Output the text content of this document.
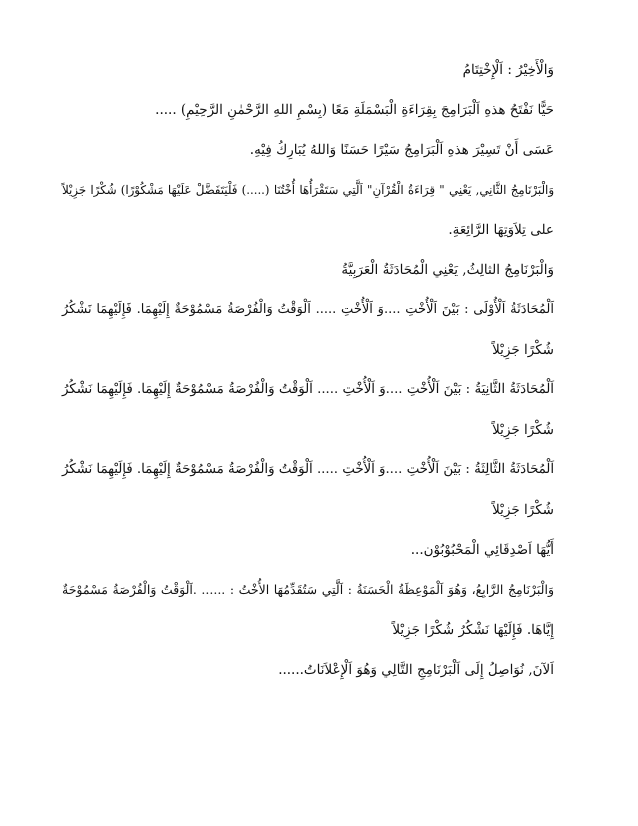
وَالْأَخِيْرُ : اَلْإِخْتِتَامُ
حَيًّا نَفْتَحُ هذهِ اَلْبَرَامِجَ بِقِرَاءَةِ الْبَسْمَلَةِ مَعًا (بِسْمِ اللهِ الرَّحْمٰنِ الرَّحِيْمِ) .....
عَسَى أَنْ تَسِيْرَ هذهِ اَلْبَرَامِجُ سَيْرًا حَسَنًا وَاللهُ يُبَارِكُ فِيْهِ.
وَالْبَرْنَامِجُ الثَّانِي, يَعْنِي " قِرَاءَةُ الْقُرْآنِ" اَلَّتِي سَتَقْرَأُهَا أُخْتُنَا (.....) فَلْيَتَفَضَّلْ عَلَيْهَا مَشْكُوْرًا) شُكْرًا جَزِيْلاً
على تِلاَوَتِهَا الرَّائِعَةِ.
وَالْبَرْنَامِجُ الثالِثُ, يَعْنِي الْمُحَادَثَةُ الْعَرَبِيَّةُ
اَلْمُحَادَثَةُ اَلْأُوْلَى : بَيْنَ اَلْأُخْتِ ....وَ اَلْأُخْتِ ..... اَلْوَقْتُ وَالْفُرْصَةُ مَسْمُوْحَةٌ إِلَيْهِمَا. فَإِلَيْهِمَا نَشْكُرُ
شُكْرًا جَزِيْلاً
اَلْمُحَادَثَةُ الثَّانِيَةُ : بَيْنَ اَلْأُخْتِ ....وَ اَلْأُخْتِ ..... اَلْوَقْتُ وَالْفُرْصَةُ مَسْمُوْحَةٌ إِلَيْهِمَا. فَإِلَيْهِمَا نَشْكُرُ
شُكْرًا جَزِيْلاً
اَلْمُحَادَثَةُ الثَّالِثَةُ : بَيْنَ اَلْأُخْتِ ....وَ اَلْأُخْتِ ..... اَلْوَقْتُ وَالْفُرْصَةُ مَسْمُوْحَةٌ إِلَيْهِمَا. فَإِلَيْهِمَا نَشْكُرُ
شُكْرًا جَزِيْلاً
أَيُّهَا اَصْدِقَائِي الْمَحْبُوْبُوْن...
وَالْبَرْنَامِجُ الرَّابِعُ، وَهُوَ اَلْمَوْعِظَةُ الْحَسَنَةُ : اَلَّتِي سَتُقَدِّمُهَا الأُخْتُ : ...... .اَلْوَقْتُ وَالْفُرْصَةُ مَسْمُوْحَةٌ
إِيَّاهَا. فَإِلَيْهَا نَشْكُرُ شُكْرًا جَزِيْلاً
اَلآنَ, نُوَاصِلُ إِلَى اَلْبَرْنَامِجِ التَّالِي وَهُوَ اَلْإِعْلاَنَاتُ......
